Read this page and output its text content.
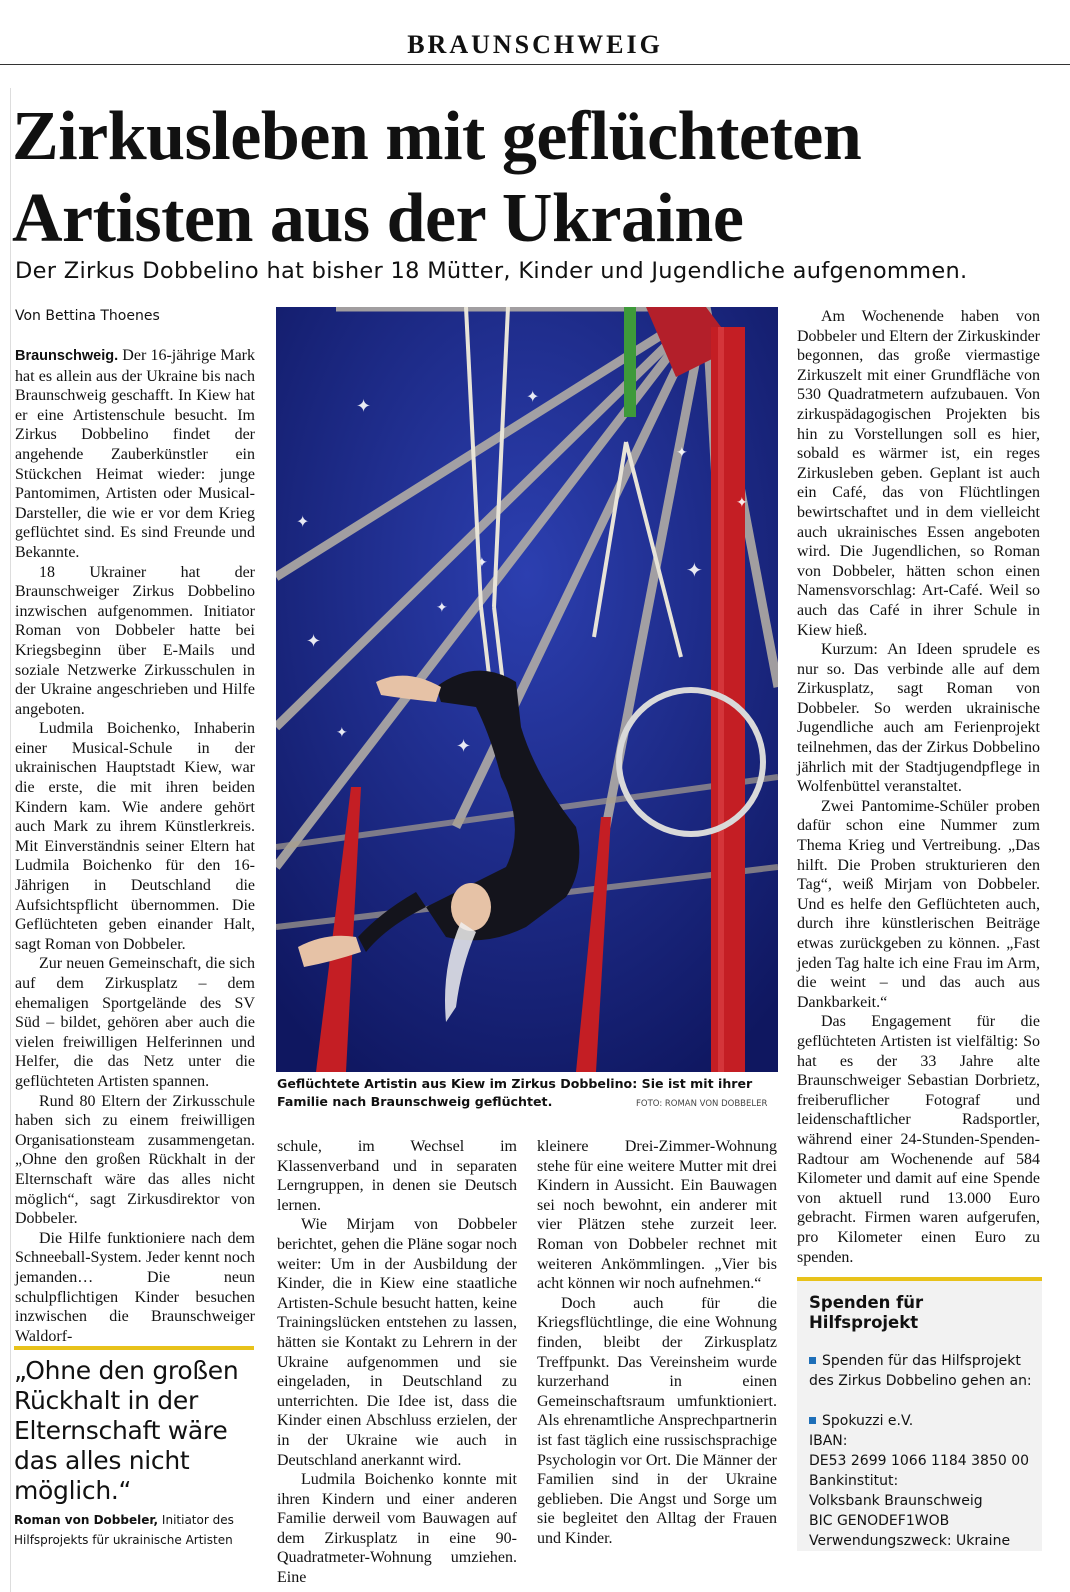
BRAUNSCHWEIG
Zirkusleben mit geflüchteten
Artisten aus der Ukraine
Der Zirkus Dobbelino hat bisher 18 Mütter, Kinder und Jugendliche aufgenommen.
Von Bettina Thoenes

Braunschweig. Der 16-jährige Mark hat es allein aus der Ukraine bis nach Braunschweig geschafft. In Kiew hat er eine Artistenschule besucht. Im Zirkus Dobbelino findet der angehende Zauberkünstler ein Stückchen Heimat wieder: junge Pantomimen, Artisten oder Musical-Darsteller, die wie er vor dem Krieg geflüchtet sind. Es sind Freunde und Bekannte.

18 Ukrainer hat der Braunschweiger Zirkus Dobbelino inzwischen aufgenommen. Initiator Roman von Dobbeler hatte bei Kriegsbeginn über E-Mails und soziale Netzwerke Zirkusschulen in der Ukraine angeschrieben und Hilfe angeboten.

Ludmila Boichenko, Inhaberin einer Musical-Schule in der ukrainischen Hauptstadt Kiew, war die erste, die mit ihren beiden Kindern kam. Wie andere gehört auch Mark zu ihrem Künstlerkreis. Mit Einverständnis seiner Eltern hat Ludmila Boichenko für den 16-Jährigen in Deutschland die Aufsichtspflicht übernommen. Die Geflüchteten geben einander Halt, sagt Roman von Dobbeler.

Zur neuen Gemeinschaft, die sich auf dem Zirkusplatz – dem ehemaligen Sportgelände des SV Süd – bildet, gehören aber auch die vielen freiwilligen Helferinnen und Helfer, die das Netz unter die geflüchteten Artisten spannen.

Rund 80 Eltern der Zirkusschule haben sich zu einem freiwilligen Organisationsteam zusammengetan. „Ohne den großen Rückhalt in der Elternschaft wäre das alles nicht möglich“, sagt Zirkusdirektor von Dobbeler.

Die Hilfe funktioniere nach dem Schneeball-System. Jeder kennt noch jemanden… Die neun schulpflichtigen Kinder besuchen inzwischen die Braunschweiger Waldorf-

✦	✦
✦
✦	✦
✦
✦
✦
✦
✦
✦
Geflüchtete Artistin aus Kiew im Zirkus Dobbelino: Sie ist mit ihrer Familie nach Braunschweig geflüchtet.	FOTO: ROMAN VON DOBBELER

schule, im Wechsel im Klassenverband und in separaten Lerngruppen, in denen sie Deutsch lernen.

Wie Mirjam von Dobbeler berichtet, gehen die Pläne sogar noch weiter: Um in der Ausbildung der Kinder, die in Kiew eine staatliche Artisten-Schule besucht hatten, keine Trainingslücken entstehen zu lassen, hätten sie Kontakt zu Lehrern in der Ukraine aufgenommen und sie eingeladen, in Deutschland zu unterrichten. Die Idee ist, dass die Kinder einen Abschluss erzielen, der in der Ukraine wie auch in Deutschland anerkannt wird.

Ludmila Boichenko konnte mit ihren Kindern und einer anderen Familie derweil vom Bauwagen auf dem Zirkusplatz in eine 90-Quadratmeter-Wohnung umziehen. Eine

kleinere Drei-Zimmer-Wohnung stehe für eine weitere Mutter mit drei Kindern in Aussicht. Ein Bauwagen sei noch bewohnt, ein anderer mit vier Plätzen stehe zurzeit leer. Roman von Dobbeler rechnet mit weiteren Ankömmlingen. „Vier bis acht können wir noch aufnehmen.“

Doch auch für die Kriegsflüchtlinge, die eine Wohnung finden, bleibt der Zirkusplatz Treffpunkt. Das Vereinsheim wurde kurzerhand in einen Gemeinschaftsraum umfunktioniert. Als ehrenamtliche Ansprechpartnerin ist fast täglich eine russischsprachige Psychologin vor Ort. Die Männer der Familien sind in der Ukraine geblieben. Die Angst und Sorge um sie begleitet den Alltag der Frauen und Kinder.

Am Wochenende haben von Dobbeler und Eltern der Zirkuskinder begonnen, das große viermastige Zirkuszelt mit einer Grundfläche von 530 Quadratmetern aufzubauen. Von zirkuspädagogischen Projekten bis hin zu Vorstellungen soll es hier, sobald es wärmer ist, ein reges Zirkusleben geben. Geplant ist auch ein Café, das von Flüchtlingen bewirtschaftet und in dem vielleicht auch ukrainisches Essen angeboten wird. Die Jugendlichen, so Roman von Dobbeler, hätten schon einen Namensvorschlag: Art-Café. Weil so auch das Café in ihrer Schule in Kiew hieß.

Kurzum: An Ideen sprudele es nur so. Das verbinde alle auf dem Zirkusplatz, sagt Roman von Dobbeler. So werden ukrainische Jugendliche auch am Ferienprojekt teilnehmen, das der Zirkus Dobbelino jährlich mit der Stadtjugendpflege in Wolfenbüttel veranstaltet.

Zwei Pantomime-Schüler proben dafür schon eine Nummer zum Thema Krieg und Vertreibung. „Das hilft. Die Proben strukturieren den Tag“, weiß Mirjam von Dobbeler. Und es helfe den Geflüchteten auch, durch ihre künstlerischen Beiträge etwas zurückgeben zu können. „Fast jeden Tag halte ich eine Frau im Arm, die weint – und das auch aus Dankbarkeit.“

Das Engagement für die geflüchteten Artisten ist vielfältig: So hat es der 33 Jahre alte Braunschweiger Sebastian Dorbrietz, freiberuflicher Fotograf und leidenschaftlicher Radsportler, während einer 24-Stunden-Spenden-Radtour am Wochenende auf 584 Kilometer und damit auf eine Spende von aktuell rund 13.000 Euro gebracht. Firmen waren aufgerufen, pro Kilometer einen Euro zu spenden.

„Ohne den großen Rückhalt in der Elternschaft wäre das alles nicht möglich.“
Roman von Dobbeler, Initiator des Hilfsprojekts für ukrainische Artisten
Spenden für Hilfsprojekt

Spenden für das Hilfsprojekt des Zirkus Dobbelino gehen an:

Spokuzzi e.V.

IBAN:

DE53 2699 1066 1184 3850 00

Bankinstitut:

Volksbank Braunschweig

BIC GENODEF1WOB

Verwendungszweck: Ukraine
